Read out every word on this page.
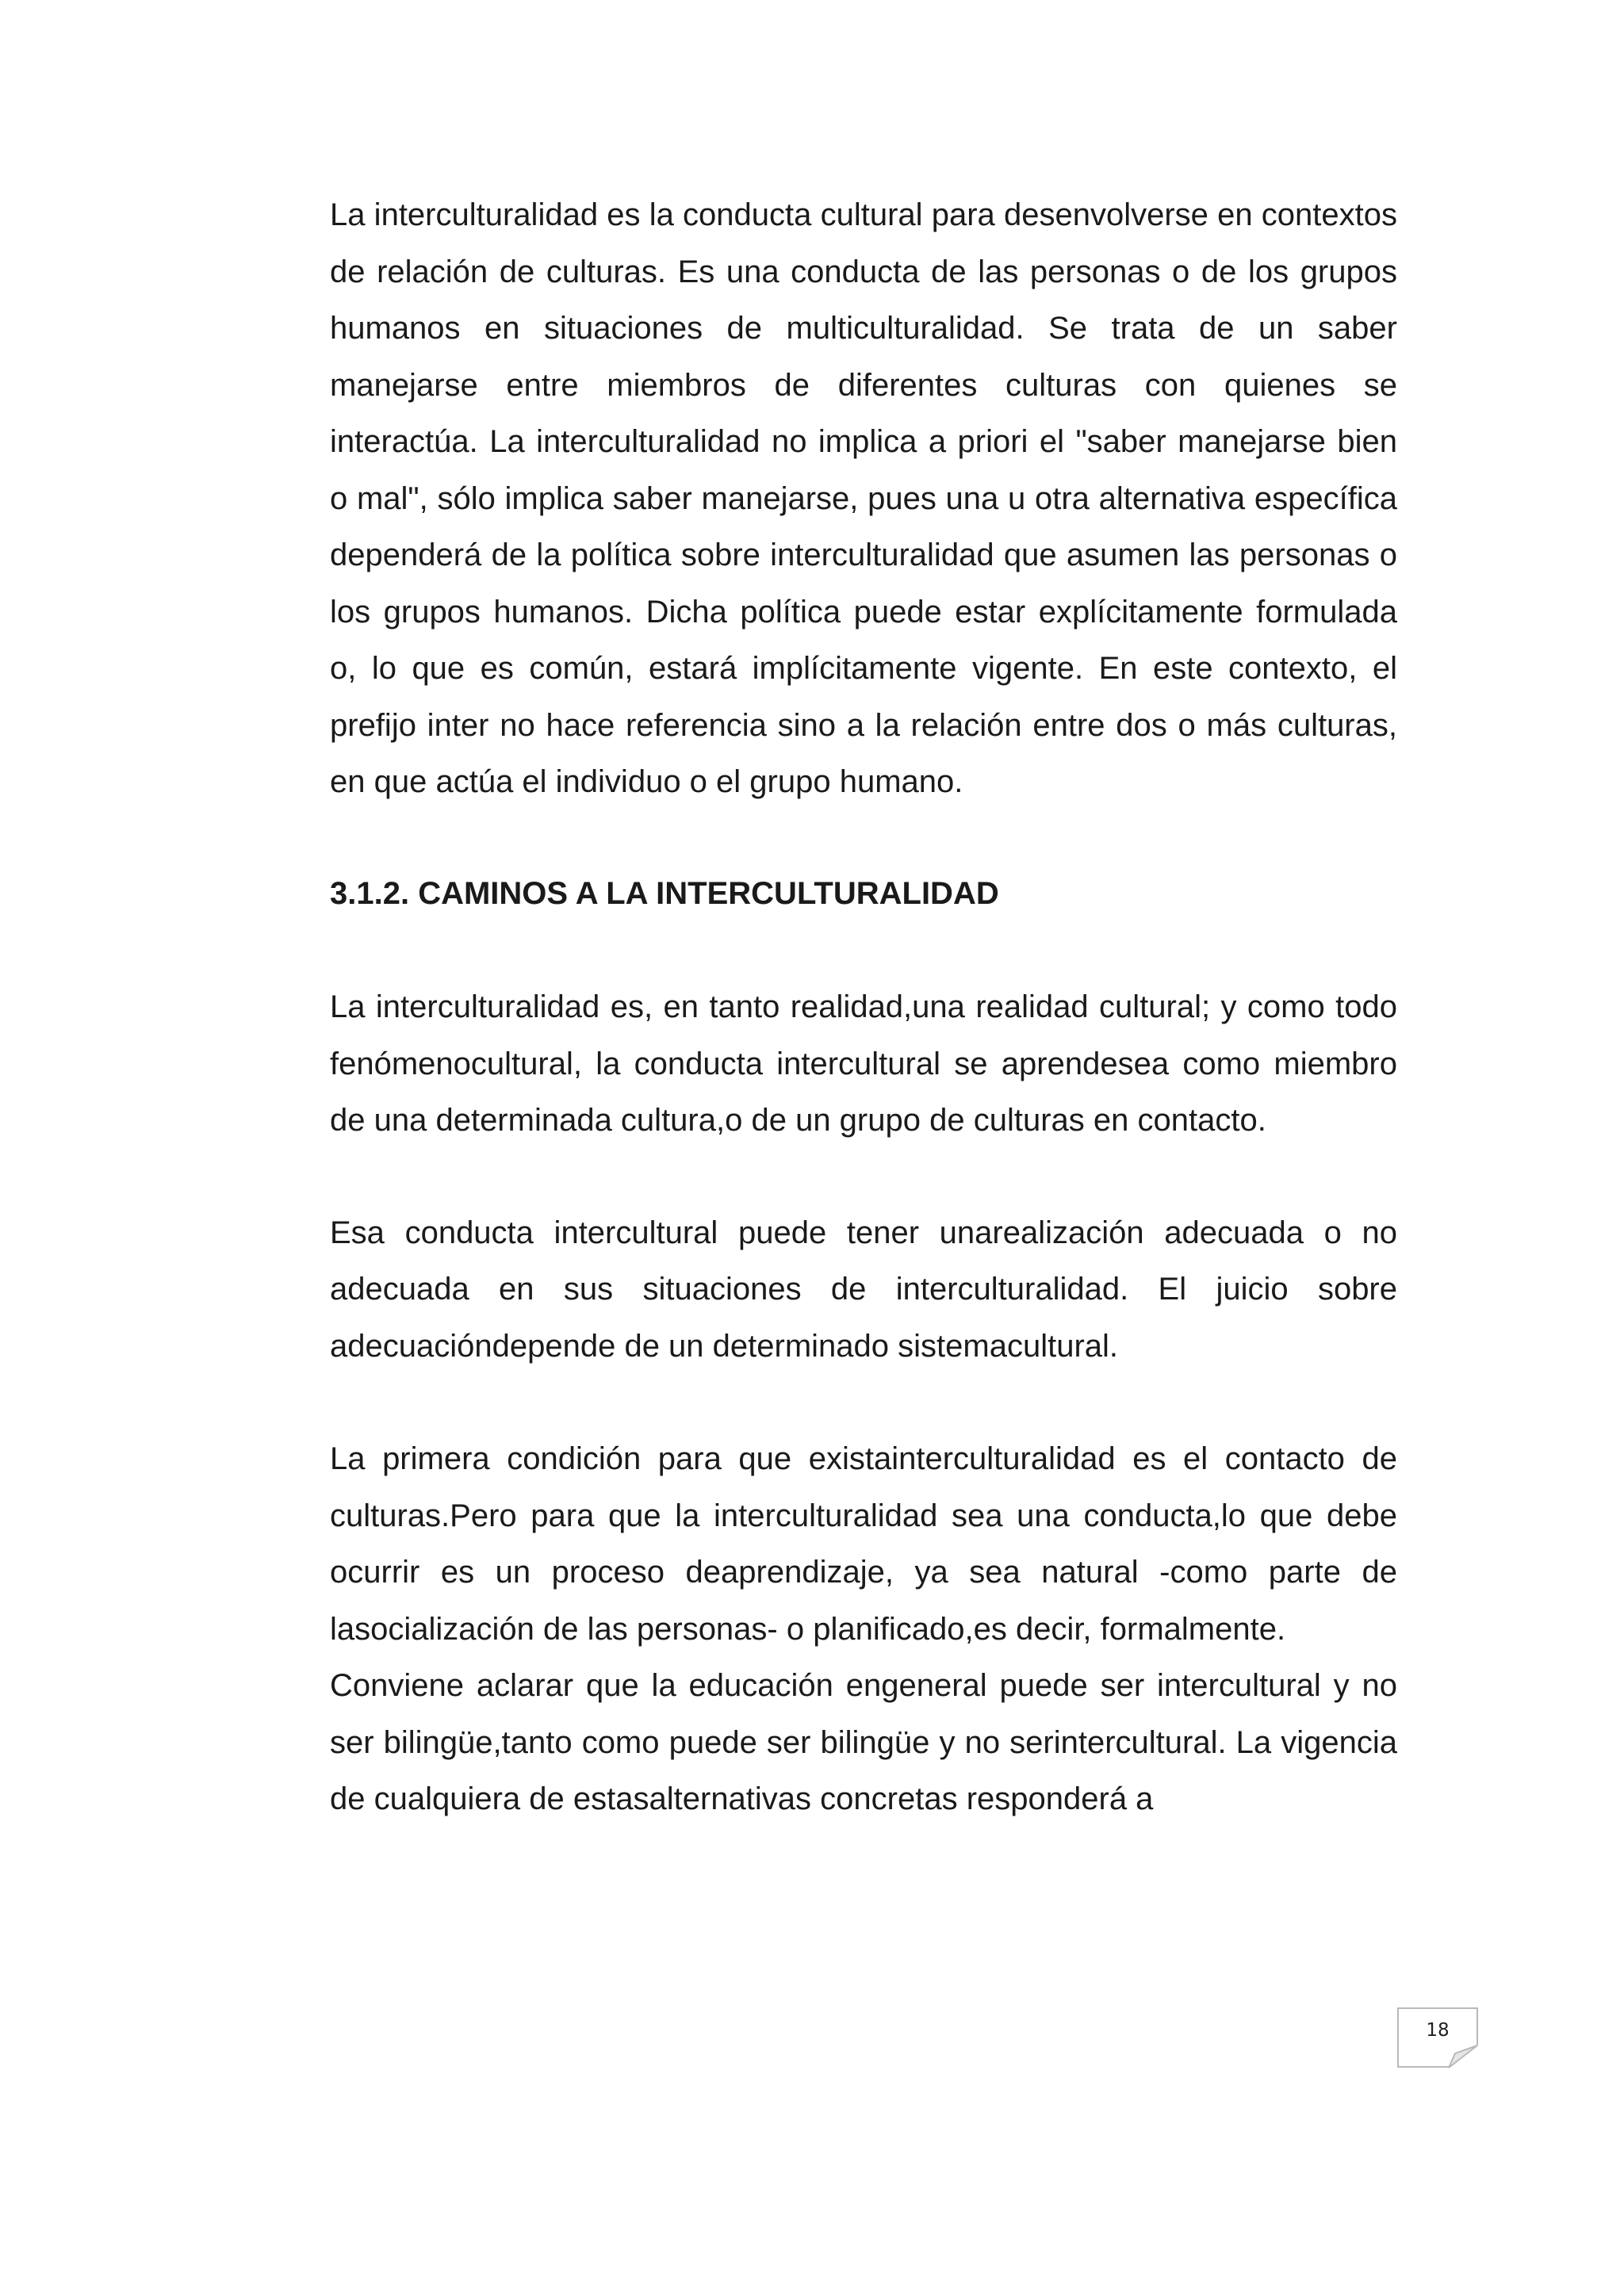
La interculturalidad es la conducta cultural para desenvolverse en contextos de relación de culturas. Es una conducta de las personas o de los grupos humanos en situaciones de multiculturalidad. Se trata de un saber manejarse entre miembros de diferentes culturas con quienes se interactúa. La interculturalidad no implica a priori el "saber manejarse bien o mal", sólo implica saber manejarse, pues una u otra alternativa específica dependerá de la política sobre interculturalidad que asumen las personas o los grupos humanos. Dicha política puede estar explícitamente formulada o, lo que es común, estará implícitamente vigente. En este contexto, el prefijo inter no hace referencia sino a la relación entre dos o más culturas, en que actúa el individuo o el grupo humano.

3.1.2. CAMINOS A LA INTERCULTURALIDAD

La interculturalidad es, en tanto realidad,una realidad cultural; y como todo fenómenocultural, la conducta intercultural se aprendesea como miembro de una determinada cultura,o de un grupo de culturas en contacto.

Esa conducta intercultural puede tener unarealización adecuada o no adecuada en sus situaciones de interculturalidad. El juicio sobre adecuacióndepende de un determinado sistemacultural.

La primera condición para que existainterculturalidad es el contacto de culturas.Pero para que la interculturalidad sea una conducta,lo que debe ocurrir es un proceso deaprendizaje, ya sea natural -como parte de lasocialización de las personas- o planificado,es decir, formalmente.

Conviene aclarar que la educación engeneral puede ser intercultural y no ser bilingüe,tanto como puede ser bilingüe y no serintercultural. La vigencia de cualquiera de estasalternativas concretas responderá a

18
